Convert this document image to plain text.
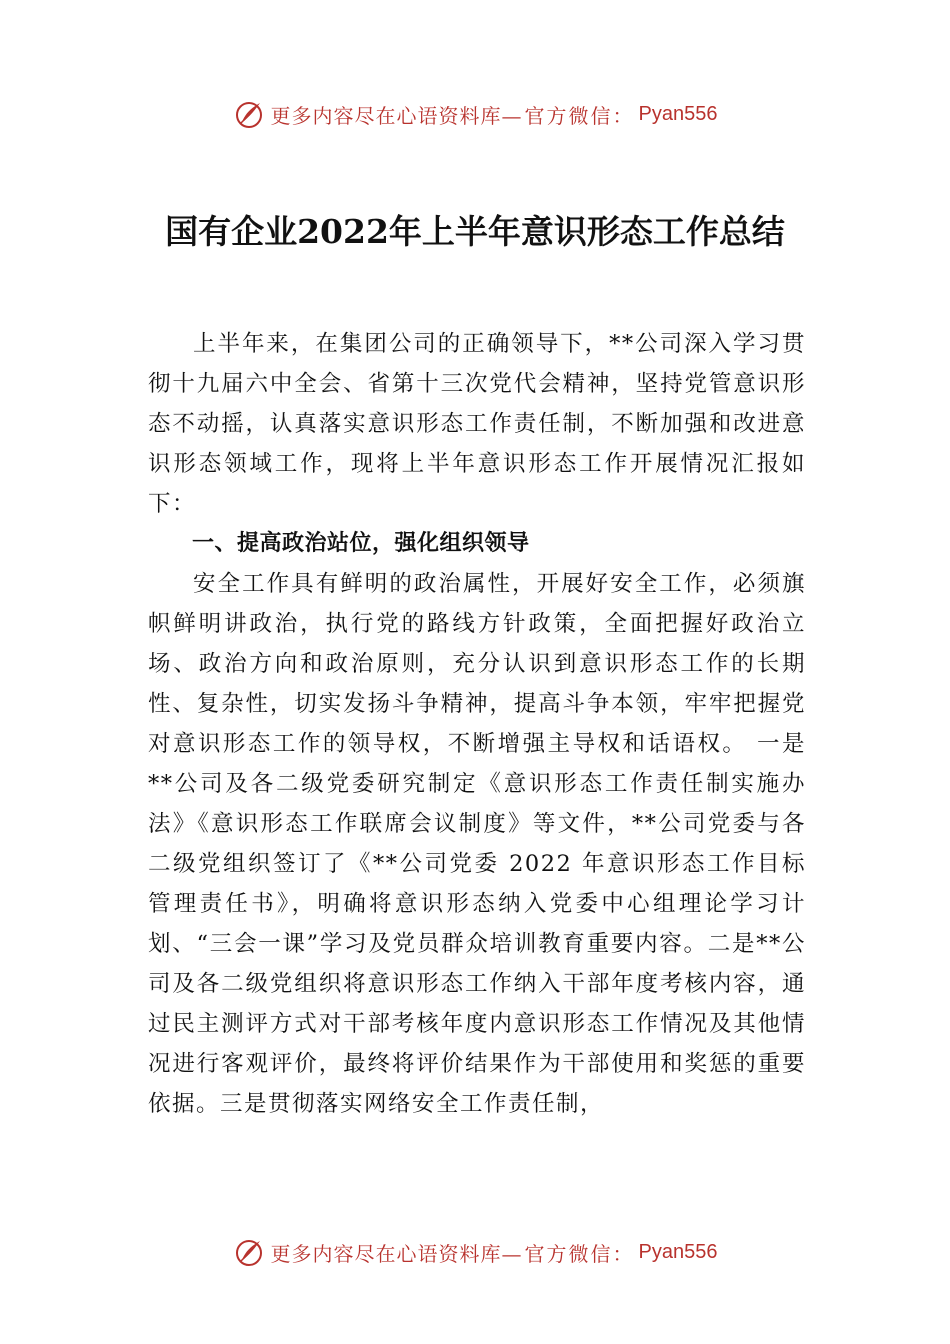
更多内容尽在心语资料库— 官方微信： Pyan556
国有企业2022年上半年意识形态工作总结

上半年来，在集团公司的正确领导下，**公司深入学习贯彻十九届六中全会、省第十三次党代会精神，坚持党管意识形态不动摇，认真落实意识形态工作责任制，不断加强和改进意识形态领域工作，现将上半年意识形态工作开展情况汇报如下：

一、提高政治站位，强化组织领导

安全工作具有鲜明的政治属性，开展好安全工作，必须旗帜鲜明讲政治，执行党的路线方针政策，全面把握好政治立场、政治方向和政治原则，充分认识到意识形态工作的长期性、复杂性，切实发扬斗争精神，提高斗争本领，牢牢把握党对意识形态工作的领导权，不断增强主导权和话语权。 一是**公司及各二级党委研究制定《意识形态工作责任制实施办法》《意识形态工作联席会议制度》等文件，**公司党委与各二级党组织签订了《**公司党委 2022 年意识形态工作目标管理责任书》，明确将意识形态纳入党委中心组理论学习计划、“三会一课”学习及党员群众培训教育重要内容。二是**公司及各二级党组织将意识形态工作纳入干部年度考核内容，通过民主测评方式对干部考核年度内意识形态工作情况及其他情况进行客观评价，最终将评价结果作为干部使用和奖惩的重要依据。三是贯彻落实网络安全工作责任制，

更多内容尽在心语资料库— 官方微信： Pyan556
